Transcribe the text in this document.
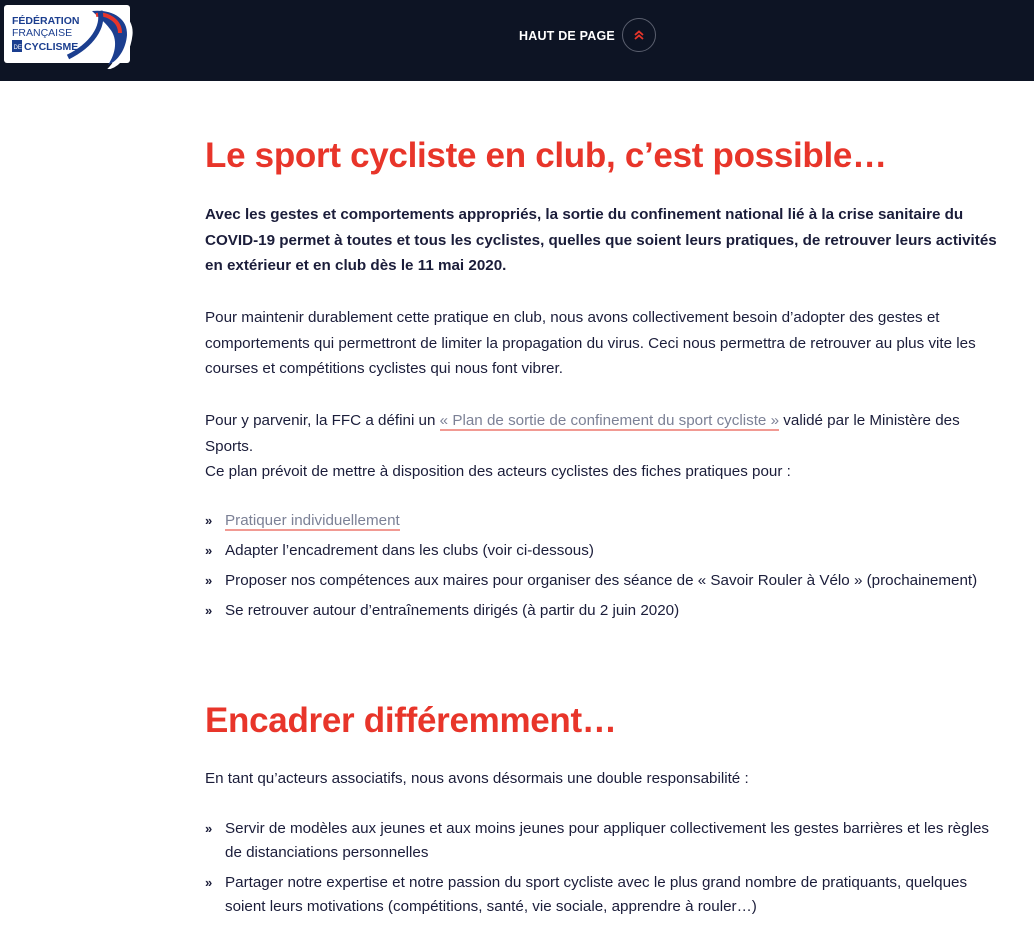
FÉDÉRATION
FRANÇAISE
DE CYCLISME
HAUT DE PAGE
Le sport cycliste en club, c’est possible…

Avec les gestes et comportements appropriés, la sortie du confinement national lié à la crise sanitaire du COVID-19 permet à toutes et tous les cyclistes, quelles que soient leurs pratiques, de retrouver leurs activités en extérieur et en club dès le 11 mai 2020.

Pour maintenir durablement cette pratique en club, nous avons collectivement besoin d’adopter des gestes et comportements qui permettront de limiter la propagation du virus. Ceci nous permettra de retrouver au plus vite les courses et compétitions cyclistes qui nous font vibrer.

Pour y parvenir, la FFC a défini un « Plan de sortie de confinement du sport cycliste » validé par le Ministère des Sports.
Ce plan prévoit de mettre à disposition des acteurs cyclistes des fiches pratiques pour :

» Pratiquer individuellement
» Adapter l’encadrement dans les clubs (voir ci-dessous)
» Proposer nos compétences aux maires pour organiser des séance de « Savoir Rouler à Vélo » (prochainement)
» Se retrouver autour d’entraînements dirigés (à partir du 2 juin 2020)
Encadrer différemment…

En tant qu’acteurs associatifs, nous avons désormais une double responsabilité :

» Servir de modèles aux jeunes et aux moins jeunes pour appliquer collectivement les gestes barrières et les règles de distanciations personnelles
» Partager notre expertise et notre passion du sport cycliste avec le plus grand nombre de pratiquants, quelques soient leurs motivations (compétitions, santé, vie sociale, apprendre à rouler…)
